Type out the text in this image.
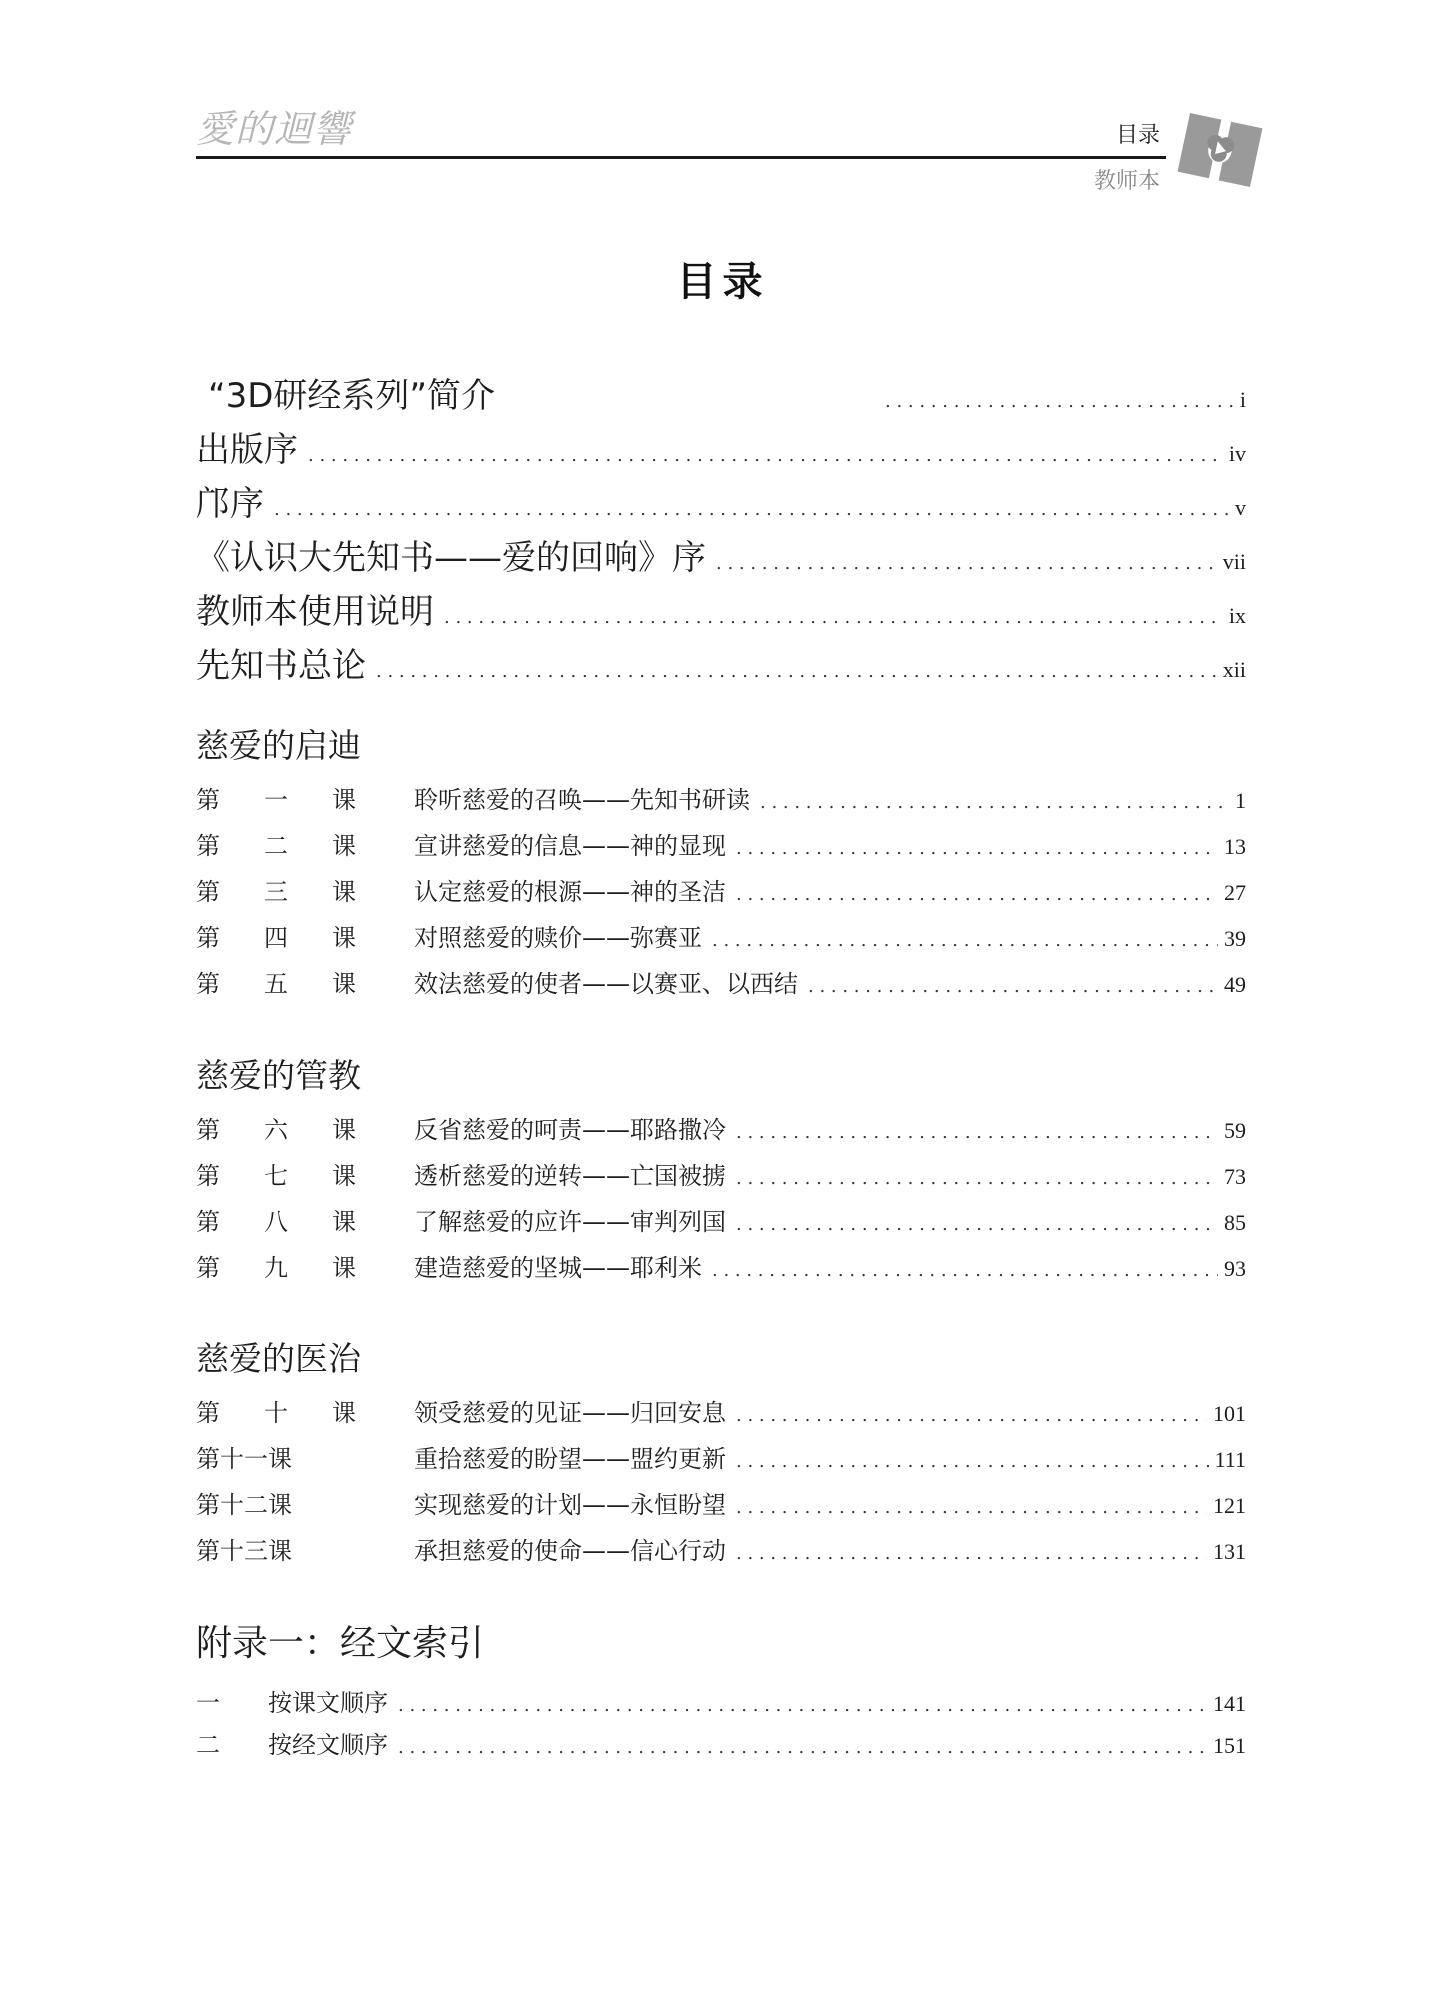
愛的迴響	目录
教师本
目录
“3D研经系列”简介 . . .	i
出版序 . . .	iv
邝序 . . .	v
《认识大先知书——爱的回响》序 . . .	vii
教师本使用说明 . . .	ix
先知书总论 . . .	xii
慈爱的启迪
第 一 课 聆听慈爱的召唤——先知书研读 . . .	1
第 二 课 宣讲慈爱的信息——神的显现 . . .	13
第 三 课 认定慈爱的根源——神的圣洁 . . .	27
第 四 课 对照慈爱的赎价——弥赛亚 . . .	39
第 五 课 效法慈爱的使者——以赛亚、以西结 . . .	49
慈爱的管教
第 六 课 反省慈爱的呵责——耶路撒冷 . . .	59
第 七 课 透析慈爱的逆转——亡国被掳 . . .	73
第 八 课 了解慈爱的应许——审判列国 . . .	85
第 九 课 建造慈爱的坚城——耶利米 . . .	93
慈爱的医治
第 十 课 领受慈爱的见证——归回安息 . . .	101
第十一课	重拾慈爱的盼望——盟约更新 . . .	111
第十二课	实现慈爱的计划——永恒盼望 . . .	121
第十三课	承担慈爱的使命——信心行动 . . .	131
附录一：经文索引
一	按课文顺序 . . .	141
二	按经文顺序 . . .	151
